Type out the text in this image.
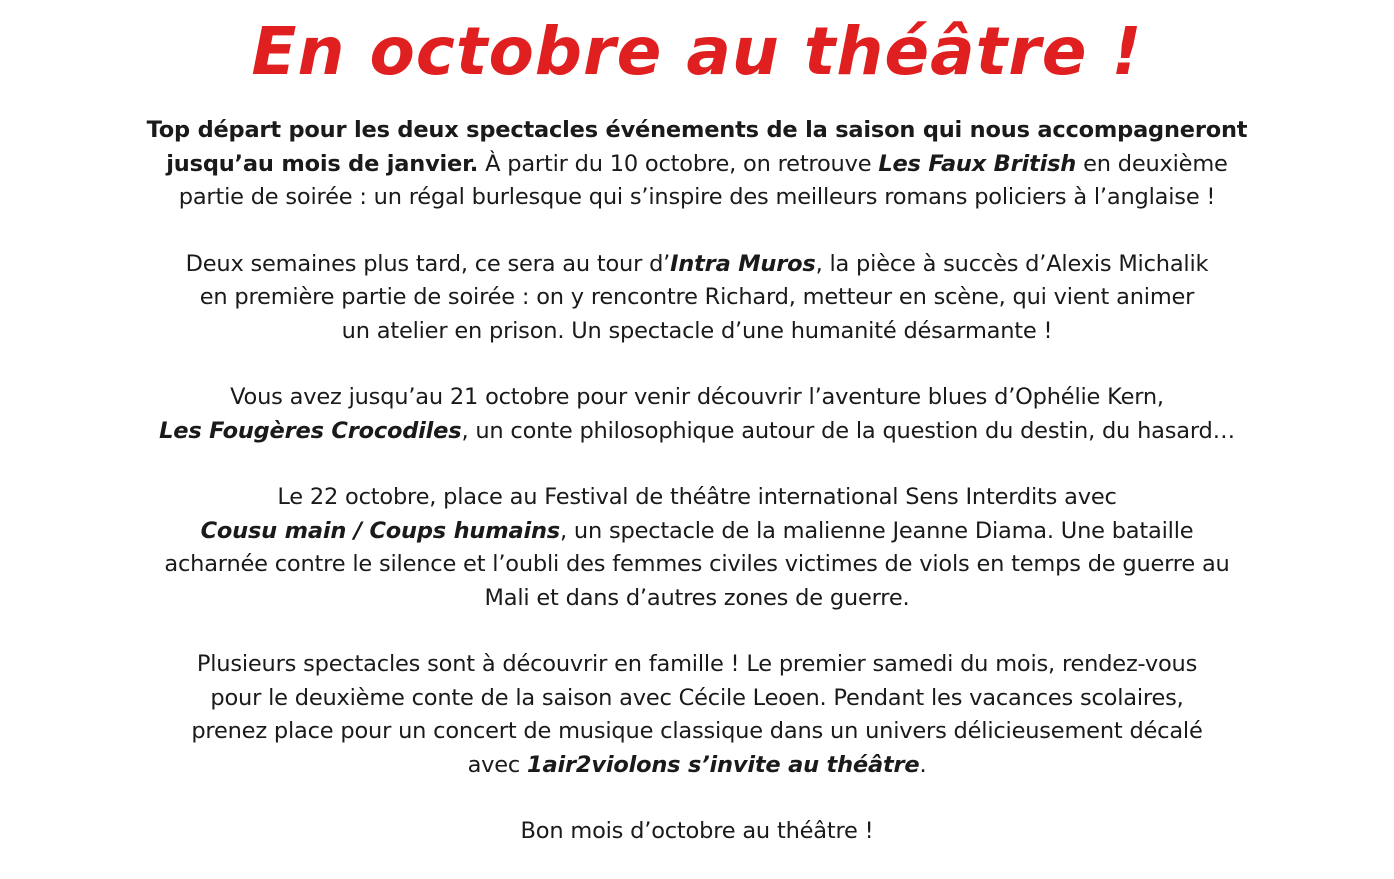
En octobre au théâtre !

Top départ pour les deux spectacles événements de la saison qui nous accompagneront
jusqu’au mois de janvier. À partir du 10 octobre, on retrouve Les Faux British en deuxième
partie de soirée : un régal burlesque qui s’inspire des meilleurs romans policiers à l’anglaise !

Deux semaines plus tard, ce sera au tour d’Intra Muros, la pièce à succès d’Alexis Michalik
en première partie de soirée : on y rencontre Richard, metteur en scène, qui vient animer
un atelier en prison. Un spectacle d’une humanité désarmante !

Vous avez jusqu’au 21 octobre pour venir découvrir l’aventure blues d’Ophélie Kern,
Les Fougères Crocodiles, un conte philosophique autour de la question du destin, du hasard…

Le 22 octobre, place au Festival de théâtre international Sens Interdits avec
Cousu main / Coups humains, un spectacle de la malienne Jeanne Diama. Une bataille
acharnée contre le silence et l’oubli des femmes civiles victimes de viols en temps de guerre au
Mali et dans d’autres zones de guerre.

Plusieurs spectacles sont à découvrir en famille ! Le premier samedi du mois, rendez-vous
pour le deuxième conte de la saison avec Cécile Leoen. Pendant les vacances scolaires,
prenez place pour un concert de musique classique dans un univers délicieusement décalé
avec 1air2violons s’invite au théâtre.

Bon mois d’octobre au théâtre !
